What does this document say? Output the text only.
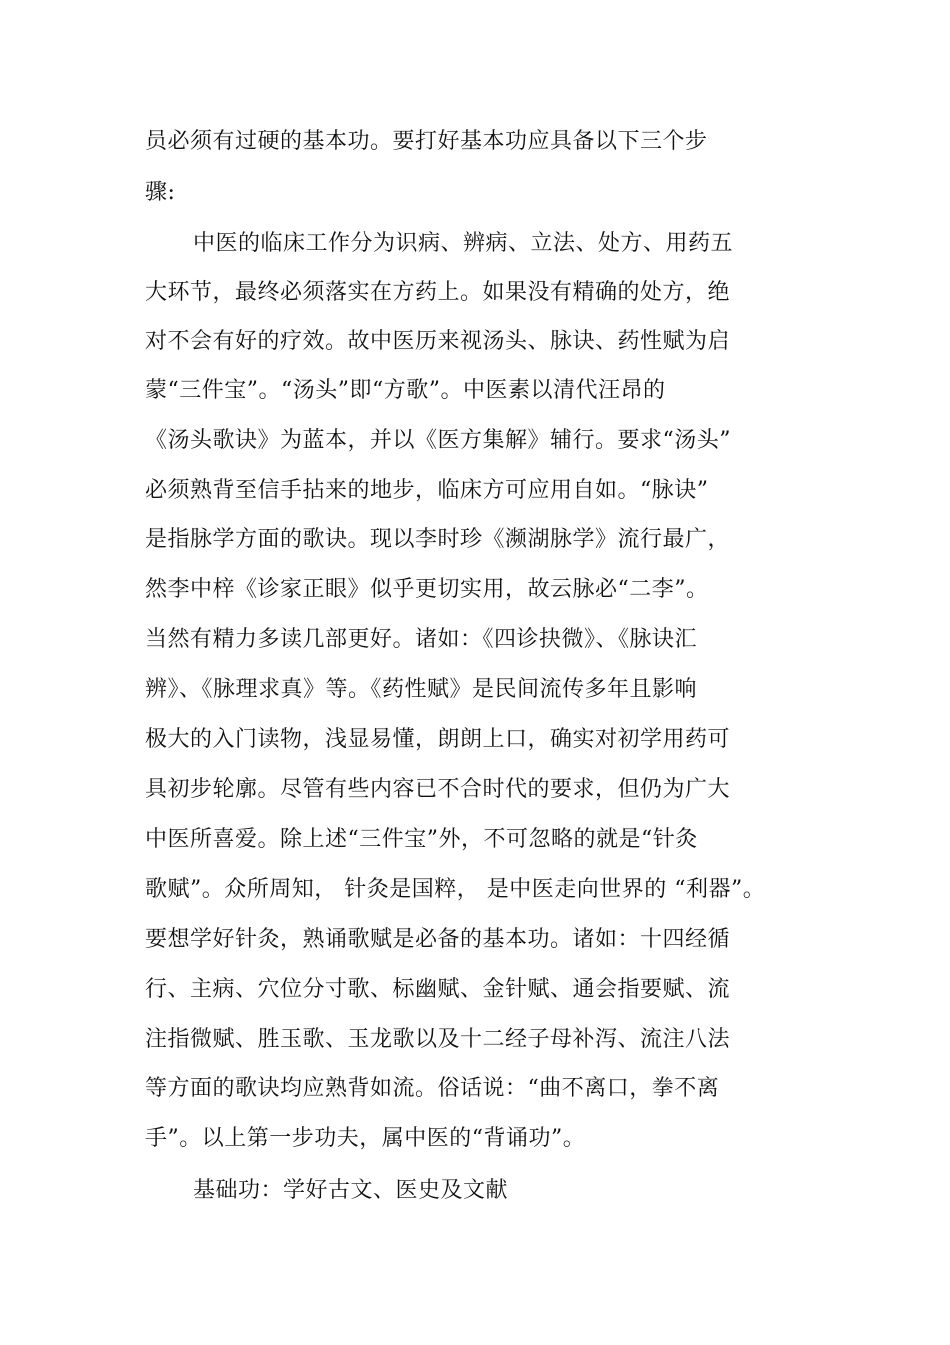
员必须有过硬的基本功。要打好基本功应具备以下三个步
骤:
中医的临床工作分为识病、辨病、立法、处方、用药五
大环节，最终必须落实在方药上。如果没有精确的处方，绝
对不会有好的疗效。故中医历来视汤头、脉诀、药性赋为启
蒙“三件宝”。“汤头”即“方歌”。中医素以清代汪昂的
《汤头歌诀》为蓝本，并以《医方集解》辅行。要求“汤头”
必须熟背至信手拈来的地步，临床方可应用自如。“脉诀”
是指脉学方面的歌诀。现以李时珍《濒湖脉学》流行最广，
然李中梓《诊家正眼》似乎更切实用，故云脉必“二李”。
当然有精力多读几部更好。诸如：《四诊抉微》、《脉诀汇
辨》、《脉理求真》等。《药性赋》是民间流传多年且影响
极大的入门读物，浅显易懂，朗朗上口，确实对初学用药可
具初步轮廓。尽管有些内容已不合时代的要求，但仍为广大
中医所喜爱。除上述“三件宝”外，不可忽略的就是“针灸
歌赋”。众所周知， 针灸是国粹， 是中医走向世界的 “利器”。
要想学好针灸，熟诵歌赋是必备的基本功。诸如：十四经循
行、主病、穴位分寸歌、标幽赋、金针赋、通会指要赋、流
注指微赋、胜玉歌、玉龙歌以及十二经子母补泻、流注八法
等方面的歌诀均应熟背如流。俗话说：“曲不离口，拳不离
手”。以上第一步功夫，属中医的“背诵功”。
基础功：学好古文、医史及文献
